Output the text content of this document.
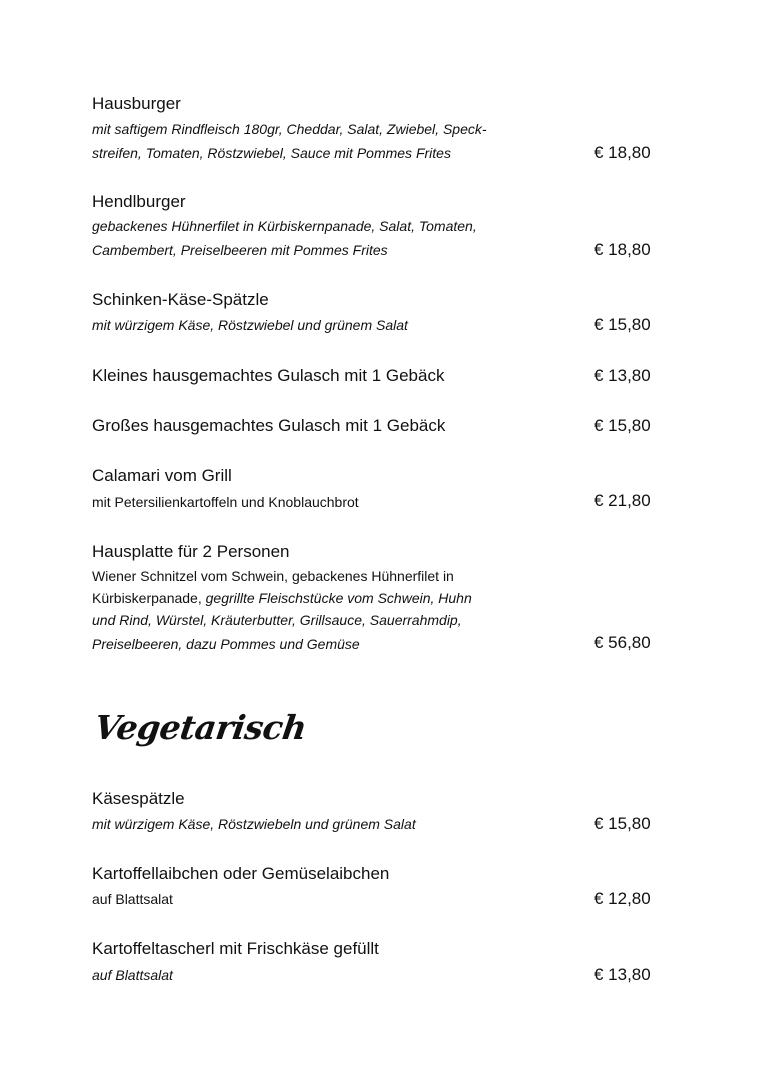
Hausburger
mit saftigem Rindfleisch 180gr, Cheddar, Salat, Zwiebel, Speck-
streifen, Tomaten, Röstzwiebel, Sauce mit Pommes Frites	€ 18,80
Hendlburger
gebackenes Hühnerfilet in Kürbiskernpanade, Salat, Tomaten,
Cambembert, Preiselbeeren mit Pommes Frites	€ 18,80
Schinken-Käse-Spätzle
mit würzigem Käse, Röstzwiebel und grünem Salat	€ 15,80
Kleines hausgemachtes Gulasch mit 1 Gebäck	€ 13,80
Großes hausgemachtes Gulasch mit 1 Gebäck	€ 15,80
Calamari vom Grill
mit Petersilienkartoffeln und Knoblauchbrot	€ 21,80
Hausplatte für 2 Personen
Wiener Schnitzel vom Schwein, gebackenes Hühnerfilet in
Kürbiskerpanade, gegrillte Fleischstücke vom Schwein, Huhn
und Rind, Würstel, Kräuterbutter, Grillsauce, Sauerrahmdip,
Preiselbeeren, dazu Pommes und Gemüse	€ 56,80
Vegetarisch
Käsespätzle
mit würzigem Käse, Röstzwiebeln und grünem Salat	€ 15,80
Kartoffellaibchen oder Gemüselaibchen
auf Blattsalat	€ 12,80
Kartoffeltascherl mit Frischkäse gefüllt
auf Blattsalat	€ 13,80
